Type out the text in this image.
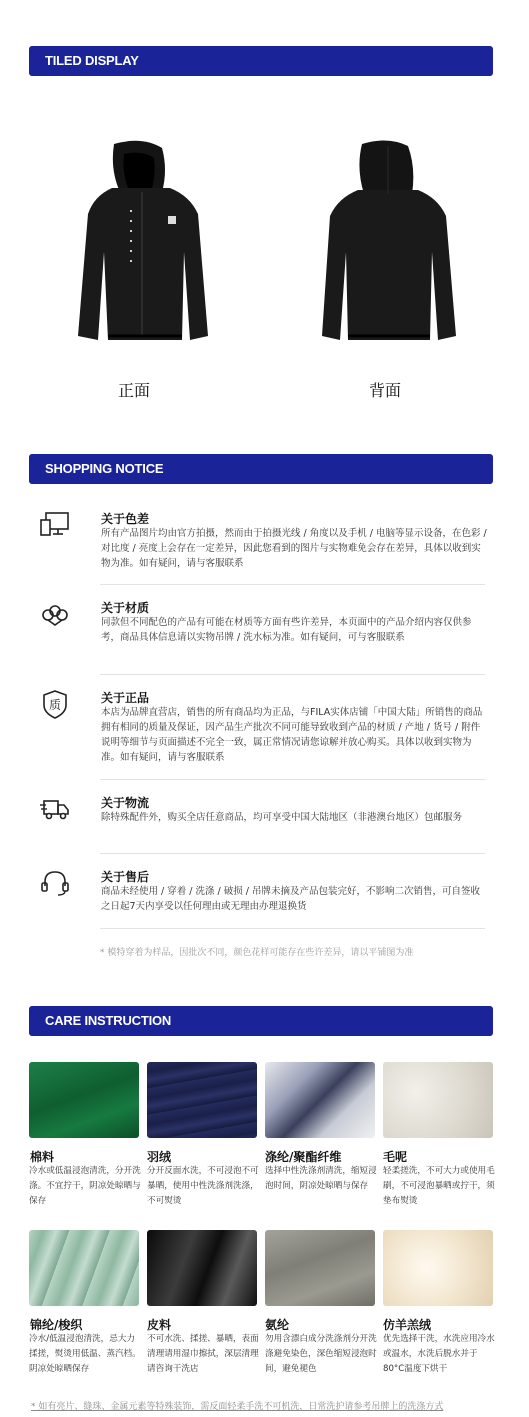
TILED DISPLAY
正面	背面
SHOPPING NOTICE
关于色差
所有产品图片均由官方拍摄，然而由于拍摄光线 / 角度以及手机 / 电脑等显示设备，在色彩 / 对比度 / 亮度上会存在一定差异，因此您看到的图片与实物难免会存在差异，具体以收到实物为准。如有疑问，请与客服联系
关于材质
同款但不同配色的产品有可能在材质等方面有些许差异，本页面中的产品介绍内容仅供参考，商品具体信息请以实物吊牌 / 洗水标为准。如有疑问，可与客服联系
质	关于正品
本店为品牌直营店，销售的所有商品均为正品，与FILA实体店铺「中国大陆」所销售的商品拥有相同的质量及保证，因产品生产批次不同可能导致收到产品的材质 / 产地 / 货号 / 附件说明等细节与页面描述不完全一致，属正常情况请您谅解并放心购买。具体以收到实物为准。如有疑问，请与客服联系
关于物流
除特殊配件外，购买全店任意商品，均可享受中国大陆地区（非港澳台地区）包邮服务
关于售后
商品未经使用 / 穿着 / 洗涤 / 破损 / 吊牌未摘及产品包装完好，不影响二次销售，可自签收之日起7天内享受以任何理由或无理由办理退换货
* 模特穿着为样品，因批次不同，颜色花样可能存在些许差异，请以平铺图为准
CARE INSTRUCTION
棉料	羽绒	涤纶/聚酯纤维	毛呢
冷水或低温浸泡清洗，分开洗涤。不宜拧干，阴凉处晾晒与保存
分开反面水洗，不可浸泡不可暴晒，使用中性洗涤剂洗涤，不可熨烫
选择中性洗涤剂清洗，缩短浸泡时间，阴凉处晾晒与保存
轻柔搓洗，不可大力或使用毛刷，不可浸泡暴晒或拧干，须垫布熨烫
锦纶/梭织	皮料	氨纶	仿羊羔绒
冷水/低温浸泡清洗，忌大力揉搓，熨烫用低温、蒸汽档。阴凉处晾晒保存
不可水洗、揉搓、暴晒，表面清理请用湿巾擦拭，深层清理请咨询干洗店
勿用含漂白成分洗涤剂分开洗涤避免染色，深色缩短浸泡时间，避免褪色
优先选择干洗，水洗应用冷水或温水，水洗后脱水并于80°C温度下烘干
* 如有亮片、缝珠、金属元素等特殊装饰，需反面轻柔手洗不可机洗，日常洗护请参考吊牌上的洗涤方式
